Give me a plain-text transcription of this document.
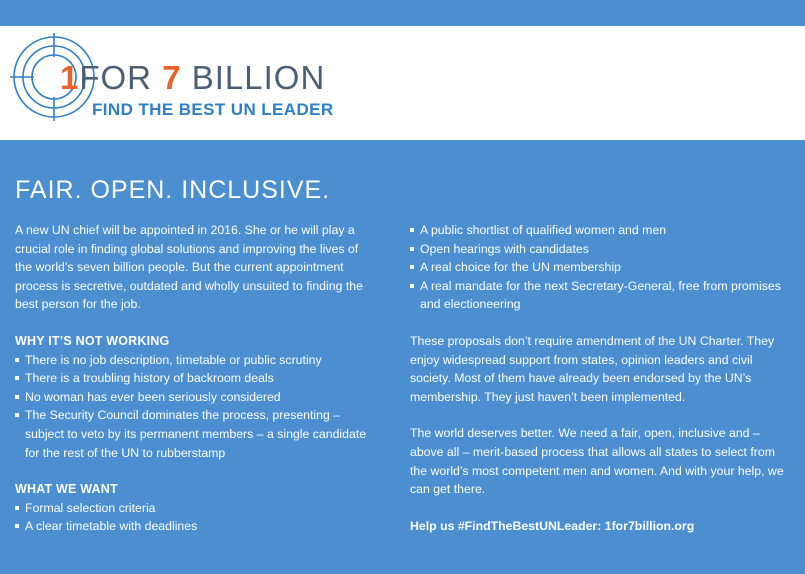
1FOR 7 BILLION
FIND THE BEST UN LEADER
FAIR. OPEN. INCLUSIVE.

A new UN chief will be appointed in 2016. She or he will play a crucial role in finding global solutions and improving the lives of the world’s seven billion people. But the current appointment process is secretive, outdated and wholly unsuited to finding the best person for the job.

WHY IT’S NOT WORKING
There is no job description, timetable or public scrutiny
There is a troubling history of backroom deals
No woman has ever been seriously considered
The Security Council dominates the process, presenting – subject to veto by its permanent members – a single candidate for the rest of the UN to rubberstamp
WHAT WE WANT
Formal selection criteria
A clear timetable with deadlines
A public shortlist of qualified women and men
Open hearings with candidates
A real choice for the UN membership
A real mandate for the next Secretary-General, free from promises and electioneering

These proposals don’t require amendment of the UN Charter. They enjoy widespread support from states, opinion leaders and civil society. Most of them have already been endorsed by the UN’s membership. They just haven’t been implemented.

The world deserves better. We need a fair, open, inclusive and – above all – merit-based process that allows all states to select from the world’s most competent men and women. And with your help, we can get there.

Help us #FindTheBestUNLeader: 1for7billion.org
